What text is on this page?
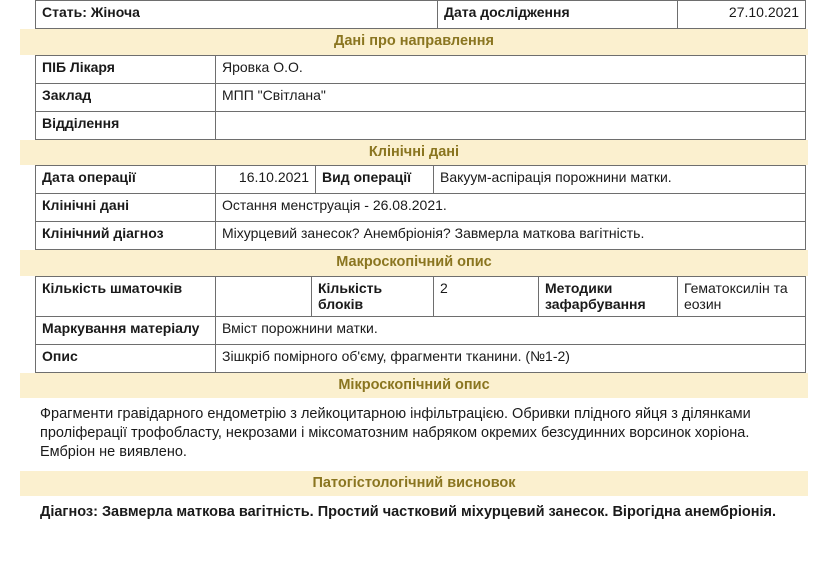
Стать: Жіноча	Дата дослідження	27.10.2021
Дані про направлення
ПІБ Лікаря	Яровка О.О.
Заклад	МПП "Світлана"
Відділення	
Клінічні дані
Дата операції	16.10.2021	Вид операції	Вакуум-аспірація порожнини матки.
Клінічні дані	Остання менструація - 26.08.2021.		
Клінічний діагноз	Міхурцевий занесок? Анембріонія? Завмерла маткова вагітність.		
Макроскопічний опис
Кількість шматочків		Кількість блоків	2	Методики зафарбування	Гематоксилін та еозин
Маркування матеріалу	Вміст порожнини матки.				
Опис	Зішкріб помірного об'єму, фрагменти тканини. (№1-2)				
Мікроскопічний опис

Фрагменти гравідарного ендометрію з лейкоцитарною інфільтрацією. Обривки плідного яйця з ділянками проліферації трофобласту, некрозами і міксоматозним набряком окремих безсудинних ворсинок хоріона. Ембріон не виявлено.

Патогістологічний висновок

Діагноз: Завмерла маткова вагітність. Простий частковий міхурцевий занесок. Вірогідна анембріонія.
